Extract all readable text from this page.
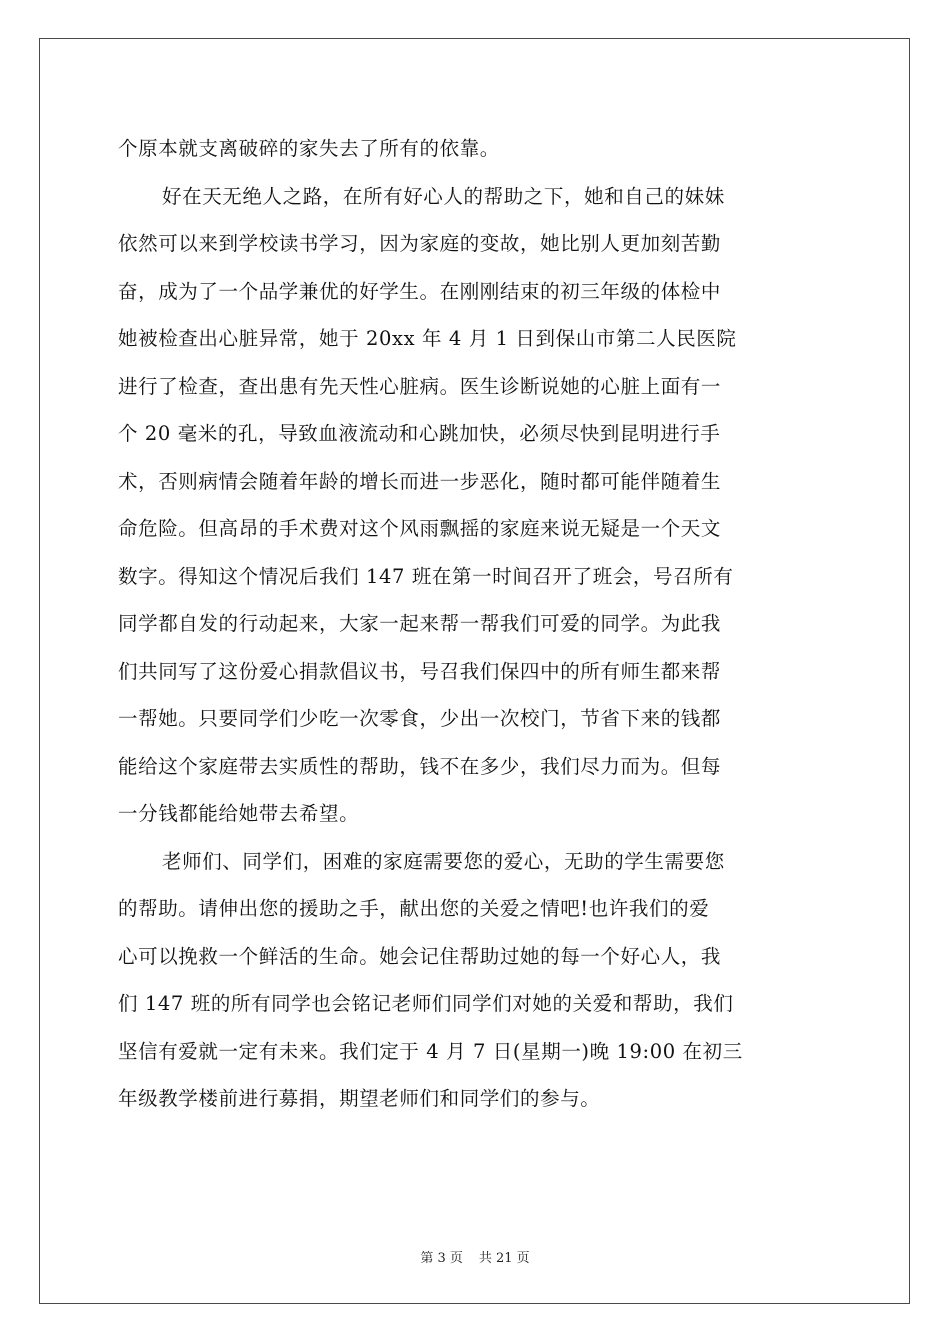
个原本就支离破碎的家失去了所有的依靠。
好在天无绝人之路，在所有好心人的帮助之下，她和自己的妹妹
依然可以来到学校读书学习，因为家庭的变故，她比别人更加刻苦勤
奋，成为了一个品学兼优的好学生。在刚刚结束的初三年级的体检中
她被检查出心脏异常，她于 20xx 年 4 月 1 日到保山市第二人民医院
进行了检查，查出患有先天性心脏病。医生诊断说她的心脏上面有一
个 20 毫米的孔，导致血液流动和心跳加快，必须尽快到昆明进行手
术，否则病情会随着年龄的增长而进一步恶化，随时都可能伴随着生
命危险。但高昂的手术费对这个风雨飘摇的家庭来说无疑是一个天文
数字。得知这个情况后我们 147 班在第一时间召开了班会，号召所有
同学都自发的行动起来，大家一起来帮一帮我们可爱的同学。为此我
们共同写了这份爱心捐款倡议书，号召我们保四中的所有师生都来帮
一帮她。只要同学们少吃一次零食，少出一次校门，节省下来的钱都
能给这个家庭带去实质性的帮助，钱不在多少，我们尽力而为。但每
一分钱都能给她带去希望。
老师们、同学们，困难的家庭需要您的爱心，无助的学生需要您
的帮助。请伸出您的援助之手，献出您的关爱之情吧!也许我们的爱
心可以挽救一个鲜活的生命。她会记住帮助过她的每一个好心人，我
们 147 班的所有同学也会铭记老师们同学们对她的关爱和帮助，我们
坚信有爱就一定有未来。我们定于 4 月 7 日(星期一)晚 19:00 在初三
年级教学楼前进行募捐，期望老师们和同学们的参与。
第 3 页 共 21 页
